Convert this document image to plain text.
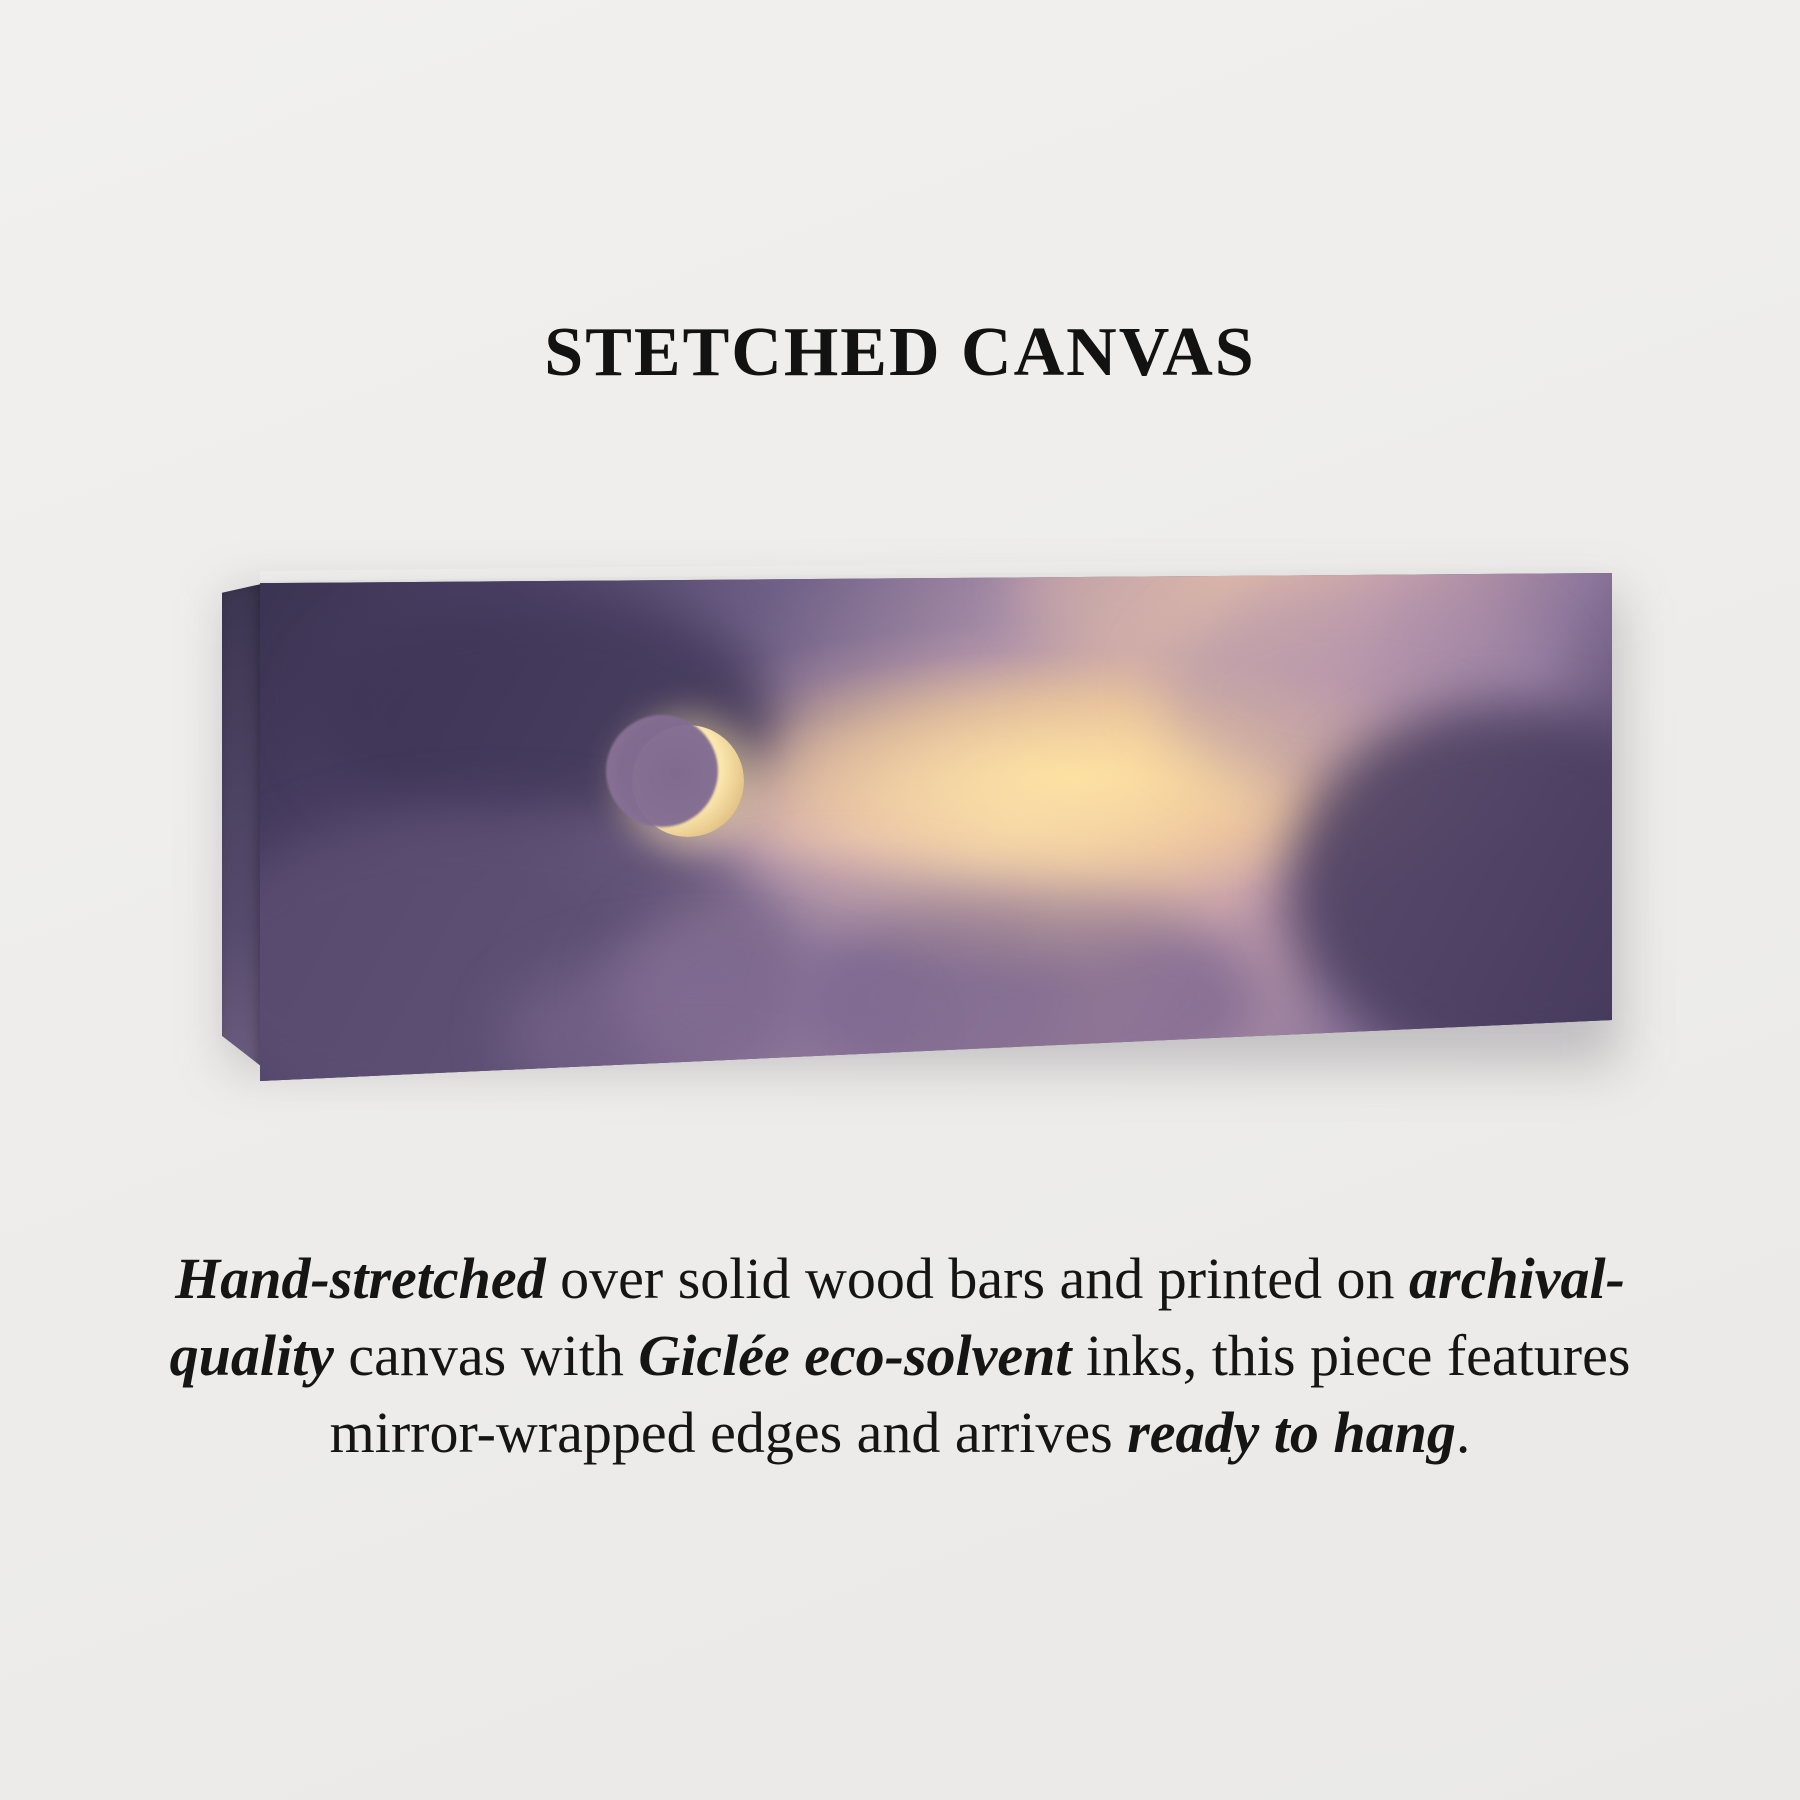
STETCHED CANVAS
Hand-stretched over solid wood bars and printed on archival-quality canvas with Giclée eco-solvent inks, this piece features mirror-wrapped edges and arrives ready to hang.
